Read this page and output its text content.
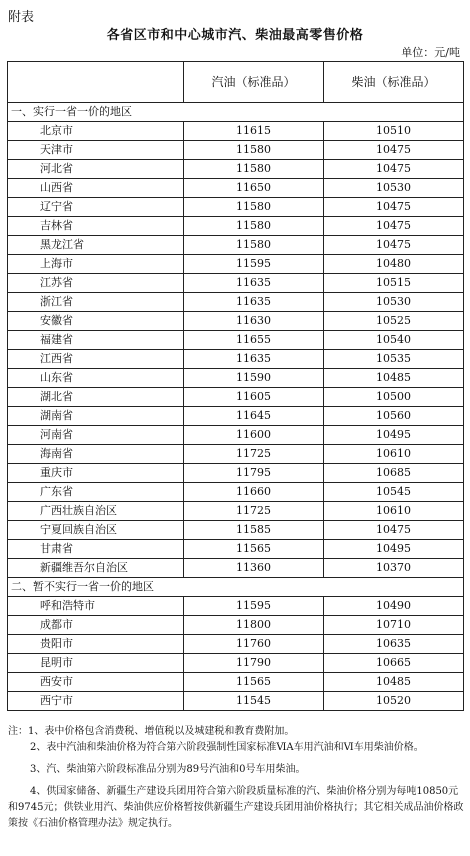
附表
各省区市和中心城市汽、柴油最高零售价格
单位：元/吨
	汽油（标准品）	柴油（标准品）
一、实行一省一价的地区		
北京市	11615	10510
天津市	11580	10475
河北省	11580	10475
山西省	11650	10530
辽宁省	11580	10475
吉林省	11580	10475
黑龙江省	11580	10475
上海市	11595	10480
江苏省	11635	10515
浙江省	11635	10530
安徽省	11630	10525
福建省	11655	10540
江西省	11635	10535
山东省	11590	10485
湖北省	11605	10500
湖南省	11645	10560
河南省	11600	10495
海南省	11725	10610
重庆市	11795	10685
广东省	11660	10545
广西壮族自治区	11725	10610
宁夏回族自治区	11585	10475
甘肃省	11565	10495
新疆维吾尔自治区	11360	10370
二、暂不实行一省一价的地区		
呼和浩特市	11595	10490
成都市	11800	10710
贵阳市	11760	10635
昆明市	11790	10665
西安市	11565	10485
西宁市	11545	10520

注：1、表中价格包含消费税、增值税以及城建税和教育费附加。

2、表中汽油和柴油价格为符合第六阶段强制性国家标准ⅥA车用汽油和Ⅵ车用柴油价格。

3、汽、柴油第六阶段标准品分别为89号汽油和0号车用柴油。

4、供国家储备、新疆生产建设兵团用符合第六阶段质量标准的汽、柴油价格分别为每吨10850元和9745元；供铁业用汽、柴油供应价格暂按供新疆生产建设兵团用油价格执行；其它相关成品油价格政策按《石油价格管理办法》规定执行。
